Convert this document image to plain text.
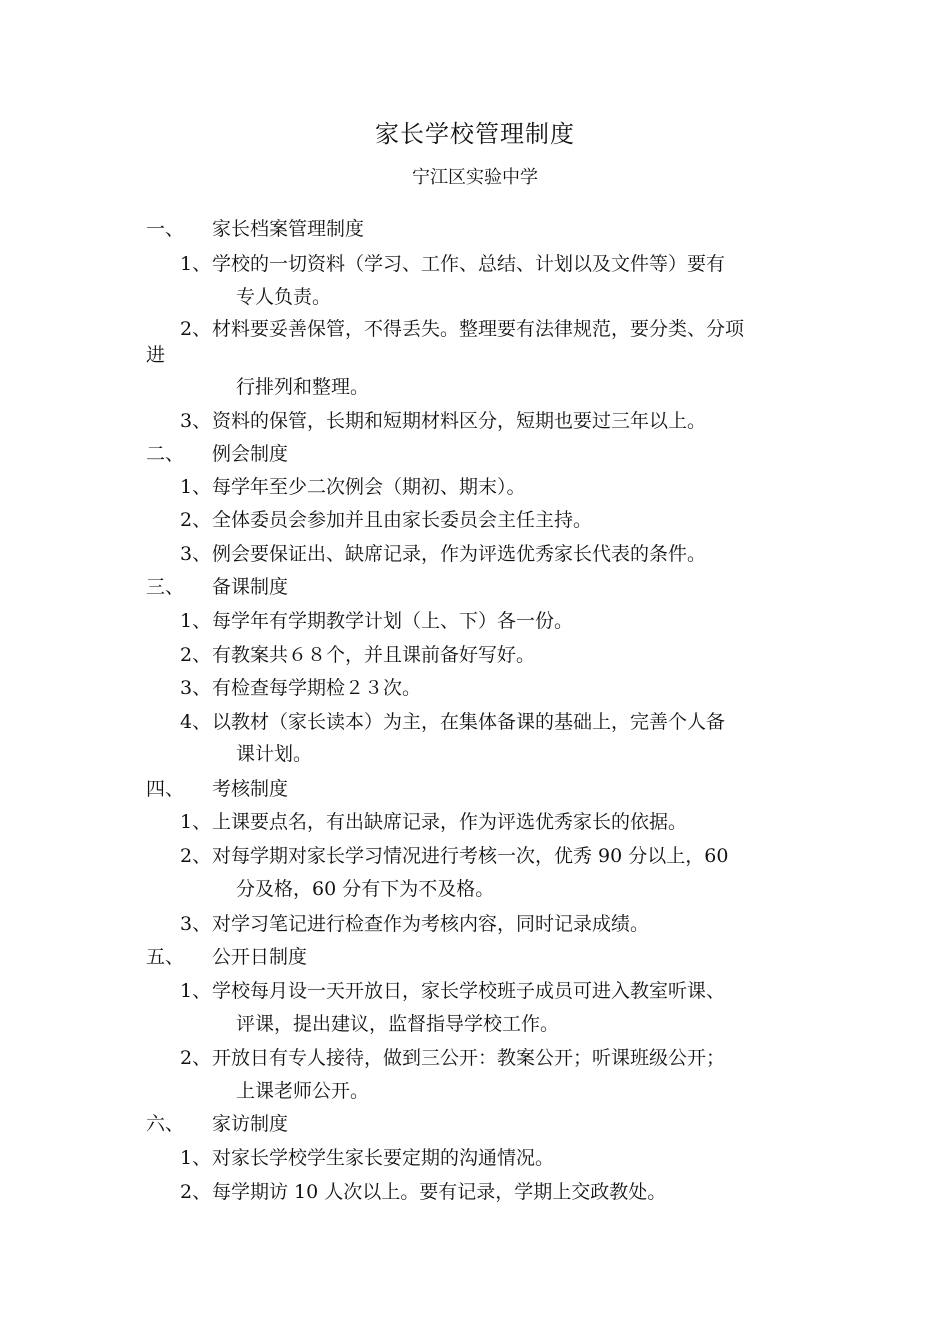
家长学校管理制度
宁江区实验中学
一、 家长档案管理制度
1、 学校的一切资料（学习、工作、总结、计划以及文件等）要有
专人负责。
2、 材料要妥善保管，不得丢失。整理要有法律规范，要分类、分项
进
行排列和整理。
3、 资料的保管，长期和短期材料区分，短期也要过三年以上。
二、 例会制度
1、 每学年至少二次例会（期初、期末）。
2、 全体委员会参加并且由家长委员会主任主持。
3、 例会要保证出、缺席记录，作为评选优秀家长代表的条件。
三、 备课制度
1、 每学年有学期教学计划（上、下）各一份。
2、 有教案共６８个，并且课前备好写好。
3、 有检查每学期检２３次。
4、 以教材（家长读本）为主，在集体备课的基础上，完善个人备
课计划。
四、 考核制度
1、 上课要点名，有出缺席记录，作为评选优秀家长的依据。
2、 对每学期对家长学习情况进行考核一次，优秀 90 分以上，60
分及格，60 分有下为不及格。
3、 对学习笔记进行检查作为考核内容，同时记录成绩。
五、 公开日制度
1、 学校每月设一天开放日，家长学校班子成员可进入教室听课、
评课，提出建议，监督指导学校工作。
2、 开放日有专人接待，做到三公开：教案公开；听课班级公开；
上课老师公开。
六、 家访制度
1、 对家长学校学生家长要定期的沟通情况。
2、 每学期访 10 人次以上。要有记录，学期上交政教处。
